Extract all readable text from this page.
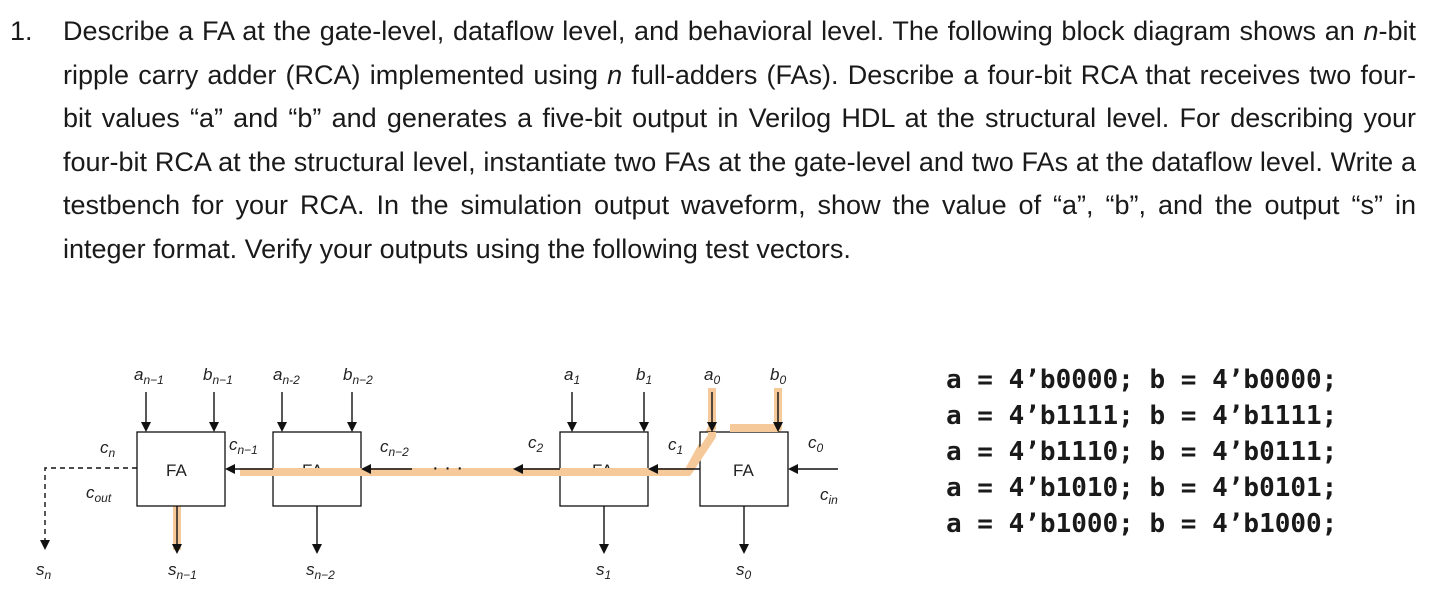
1. Describe a FA at the gate-level, dataflow level, and behavioral level. The following block diagram shows an n-bit ripple carry adder (RCA) implemented using n full-adders (FAs). Describe a four-bit RCA that receives two four-bit values “a” and “b” and generates a five-bit output in Verilog HDL at the structural level. For describing your four-bit RCA at the structural level, instantiate two FAs at the gate-level and two FAs at the dataflow level. Write a testbench for your RCA. In the simulation output waveform, show the value of “a”, “b”, and the output “s” in integer format. Verify your outputs using the following test vectors.

FA	FA	FA	FA
· · ·
$a_{n-1}$ $b_{n-1}$ $a_{n-2}$	$b_{n-2}$	$a_1$	$b_1$	$a_0$	$b_0$
$c_n$
$c_{out}$
$c_{n-1}$	$c_{n-2}$	$c_2$	$c_1$	$c_0$
$c_{in}$
$s_n$	$s_{n-1}$	$s_{n-2}$	$s_1$	$s_0$
a = 4’b0000; b = 4’b0000;
a = 4’b1111; b = 4’b1111;
a = 4’b1110; b = 4’b0111;
a = 4’b1010; b = 4’b0101;
a = 4’b1000; b = 4’b1000;
